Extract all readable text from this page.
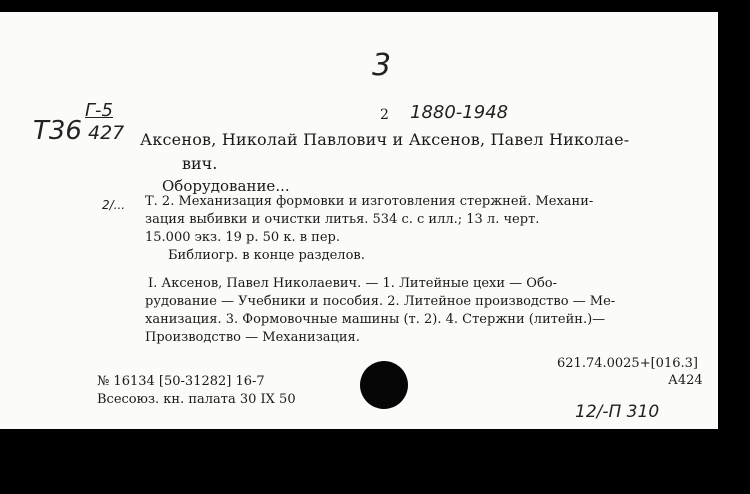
3
Г-5
Т36 427
2 1880-1948
Аксенов, Николай Павлович и Аксенов, Павел Николае-
вич.
Оборудование...
2/... Т. 2. Механизация формовки и изготовления стержней. Механи-
зация выбивки и очистки литья. 534 с. с илл.; 13 л. черт.
15.000 экз. 19 р. 50 к. в пер.
Библиогр. в конце разделов.
I. Аксенов, Павел Николаевич. — 1. Литейные цехи — Обо-
рудование — Учебники и пособия. 2. Литейное производство — Ме-
ханизация. 3. Формовочные машины (т. 2). 4. Стержни (литейн.)—
Производство — Механизация.
621.74.0025+[016.3]
А424
№ 16134 [50-31282] 16-7
Всесоюз. кн. палата 30 IX 50
12/-П 310
